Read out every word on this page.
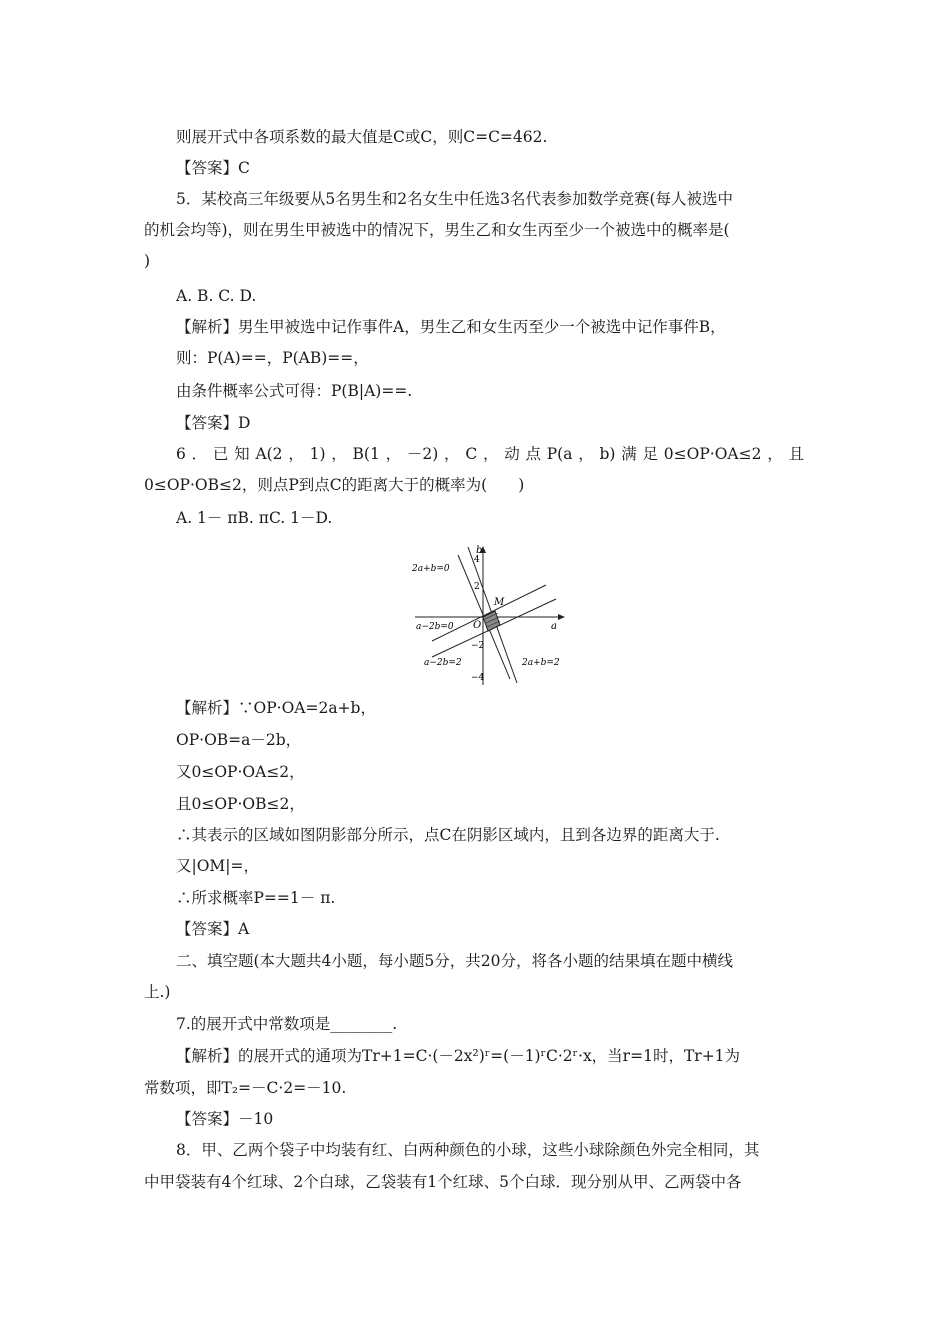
则展开式中各项系数的最大值是C或C，则C=C=462.
【答案】C
5．某校高三年级要从5名男生和2名女生中任选3名代表参加数学竞赛(每人被选中
的机会均等)，则在男生甲被选中的情况下，男生乙和女生丙至少一个被选中的概率是(
)
A. B. C. D.
【解析】男生甲被选中记作事件A，男生乙和女生丙至少一个被选中记作事件B，
则：P(A)==，P(AB)==，
由条件概率公式可得：P(B|A)==.
【答案】D
6．已知A(2，1)，B(1，－2)，C，动点P(a，b)满足0≤OP·OA≤2，且
0≤OP·OB≤2，则点P到点C的距离大于的概率为(　　)
A. 1－ πB. πC. 1－D.
b
a
O
M
4
2
−2
−4
2a+b=0
a−2b=0
a−2b=2	2a+b=2
【解析】∵OP·OA=2a+b，
OP·OB=a－2b，
又0≤OP·OA≤2，
且0≤OP·OB≤2，
∴其表示的区域如图阴影部分所示，点C在阴影区域内，且到各边界的距离大于.
又|OM|=，
∴所求概率P==1－ π.
【答案】A
二、填空题(本大题共4小题，每小题5分，共20分，将各小题的结果填在题中横线
上.)
7.的展开式中常数项是________.
【解析】的展开式的通项为Tr+1=C·(－2x²)ʳ=(－1)ʳC·2ʳ·x，当r=1时，Tr+1为
常数项，即T₂=－C·2=－10.
【答案】－10
8．甲、乙两个袋子中均装有红、白两种颜色的小球，这些小球除颜色外完全相同，其
中甲袋装有4个红球、2个白球，乙袋装有1个红球、5个白球．现分别从甲、乙两袋中各
